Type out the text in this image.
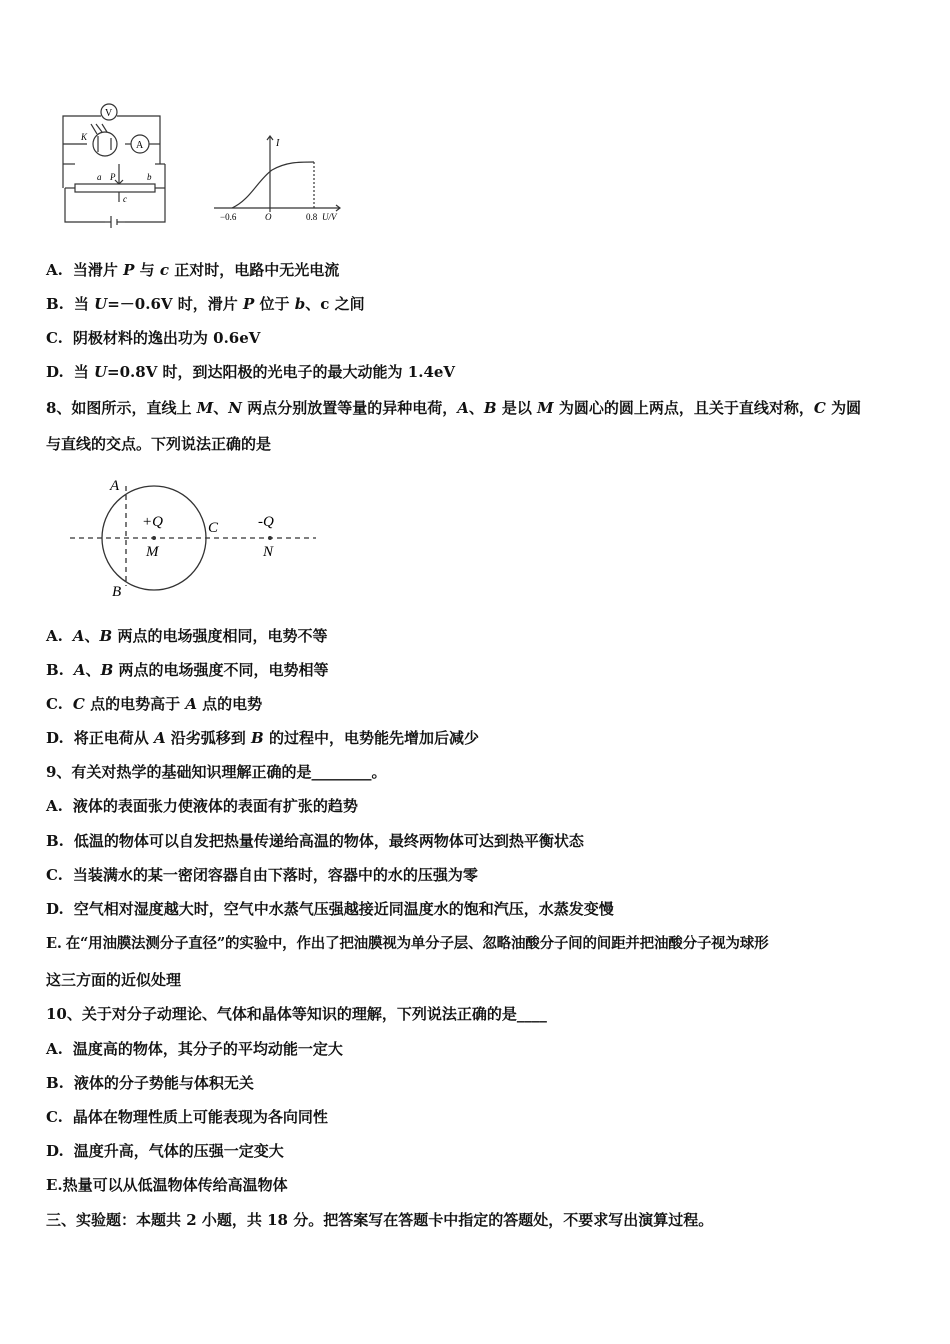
V
A
K
a P	b
c
I
U/V
O
−0.6	0.8
A. 当滑片 P 与 c 正对时，电路中无光电流
B. 当 U=－0.6V 时，滑片 P 位于 b、c 之间
C. 阴极材料的逸出功为 0.6eV
D. 当 U=0.8V 时，到达阳极的光电子的最大动能为 1.4eV
8、如图所示，直线上 M、N 两点分别放置等量的异种电荷，A、B 是以 M 为圆心的圆上两点，且关于直线对称，C 为圆
与直线的交点。下列说法正确的是
A
B
C
+Q	-Q
M	N
A. A、B 两点的电场强度相同，电势不等
B. A、B 两点的电场强度不同，电势相等
C. C 点的电势高于 A 点的电势
D. 将正电荷从 A 沿劣弧移到 B 的过程中，电势能先增加后减少
9、有关对热学的基础知识理解正确的是________。
A. 液体的表面张力使液体的表面有扩张的趋势
B. 低温的物体可以自发把热量传递给高温的物体，最终两物体可达到热平衡状态
C. 当装满水的某一密闭容器自由下落时，容器中的水的压强为零
D. 空气相对湿度越大时，空气中水蒸气压强越接近同温度水的饱和汽压，水蒸发变慢
E. 在“用油膜法测分子直径”的实验中，作出了把油膜视为单分子层、忽略油酸分子间的间距并把油酸分子视为球形
这三方面的近似处理
10、关于对分子动理论、气体和晶体等知识的理解，下列说法正确的是____
A. 温度高的物体，其分子的平均动能一定大
B. 液体的分子势能与体积无关
C. 晶体在物理性质上可能表现为各向同性
D. 温度升高，气体的压强一定变大
E.热量可以从低温物体传给高温物体
三、实验题：本题共 2 小题，共 18 分。把答案写在答题卡中指定的答题处，不要求写出演算过程。
